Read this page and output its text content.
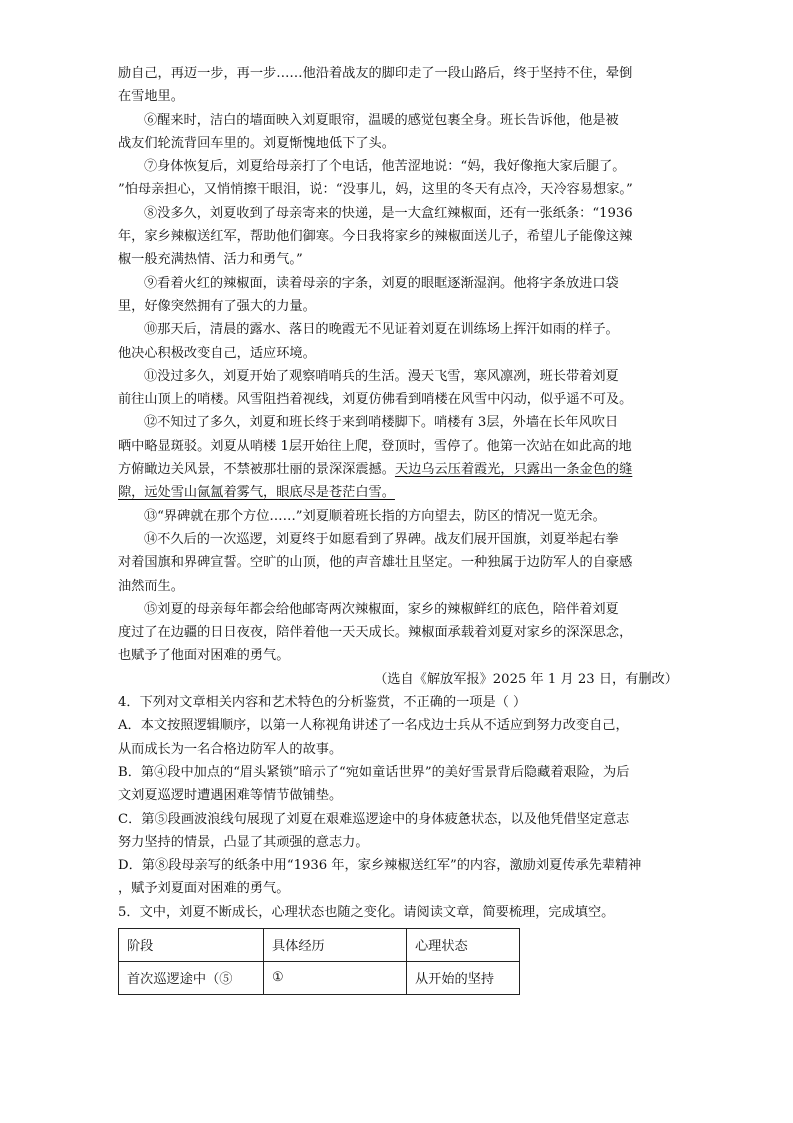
励自己，再迈一步，再一步……他沿着战友的脚印走了一段山路后，终于坚持不住，晕倒

在雪地里。

⑥醒来时，洁白的墙面映入刘夏眼帘，温暖的感觉包裹全身。班长告诉他，他是被

战友们轮流背回车里的。刘夏惭愧地低下了头。

⑦身体恢复后，刘夏给母亲打了个电话，他苦涩地说：“妈，我好像拖大家后腿了。

”怕母亲担心，又悄悄擦干眼泪，说：“没事儿，妈，这里的冬天有点冷，天冷容易想家。”

⑧没多久，刘夏收到了母亲寄来的快递，是一大盒红辣椒面，还有一张纸条：“1936

年，家乡辣椒送红军，帮助他们御寒。今日我将家乡的辣椒面送儿子，希望儿子能像这辣

椒一般充满热情、活力和勇气。”

⑨看着火红的辣椒面，读着母亲的字条，刘夏的眼眶逐渐湿润。他将字条放进口袋

里，好像突然拥有了强大的力量。

⑩那天后，清晨的露水、落日的晚霞无不见证着刘夏在训练场上挥汗如雨的样子。

他决心积极改变自己，适应环境。

⑪没过多久，刘夏开始了观察哨哨兵的生活。漫天飞雪，寒风凛冽，班长带着刘夏

前往山顶上的哨楼。风雪阻挡着视线，刘夏仿佛看到哨楼在风雪中闪动，似乎遥不可及。

⑫不知过了多久，刘夏和班长终于来到哨楼脚下。哨楼有 3层，外墙在长年风吹日

晒中略显斑驳。刘夏从哨楼 1层开始往上爬，登顶时，雪停了。他第一次站在如此高的地

方俯瞰边关风景，不禁被那壮丽的景深深震撼。天边乌云压着霞光，只露出一条金色的缝

隙，远处雪山氤氲着雾气，眼底尽是苍茫白雪。

⑬“界碑就在那个方位……”刘夏顺着班长指的方向望去，防区的情况一览无余。

⑭不久后的一次巡逻，刘夏终于如愿看到了界碑。战友们展开国旗，刘夏举起右拳

对着国旗和界碑宣誓。空旷的山顶，他的声音雄壮且坚定。一种独属于边防军人的自豪感

油然而生。

⑮刘夏的母亲每年都会给他邮寄两次辣椒面，家乡的辣椒鲜红的底色，陪伴着刘夏

度过了在边疆的日日夜夜，陪伴着他一天天成长。辣椒面承载着刘夏对家乡的深深思念，

也赋予了他面对困难的勇气。

（选自《解放军报》2025 年 1 月 23 日，有删改）

4．下列对文章相关内容和艺术特色的分析鉴赏，不正确的一项是（ ）

A．本文按照逻辑顺序，以第一人称视角讲述了一名戍边士兵从不适应到努力改变自己，

从而成长为一名合格边防军人的故事。

B．第④段中加点的“眉头紧锁”暗示了“宛如童话世界”的美好雪景背后隐藏着艰险，为后

文刘夏巡逻时遭遇困难等情节做铺垫。

C．第⑤段画波浪线句展现了刘夏在艰难巡逻途中的身体疲惫状态，以及他凭借坚定意志

努力坚持的情景，凸显了其顽强的意志力。

D．第⑧段母亲写的纸条中用“1936 年，家乡辣椒送红军”的内容，激励刘夏传承先辈精神

，赋予刘夏面对困难的勇气。

5．文中，刘夏不断成长，心理状态也随之变化。请阅读文章，简要梳理，完成填空。

阶段	具体经历	心理状态
首次巡逻途中（⑤	①	从开始的坚持
